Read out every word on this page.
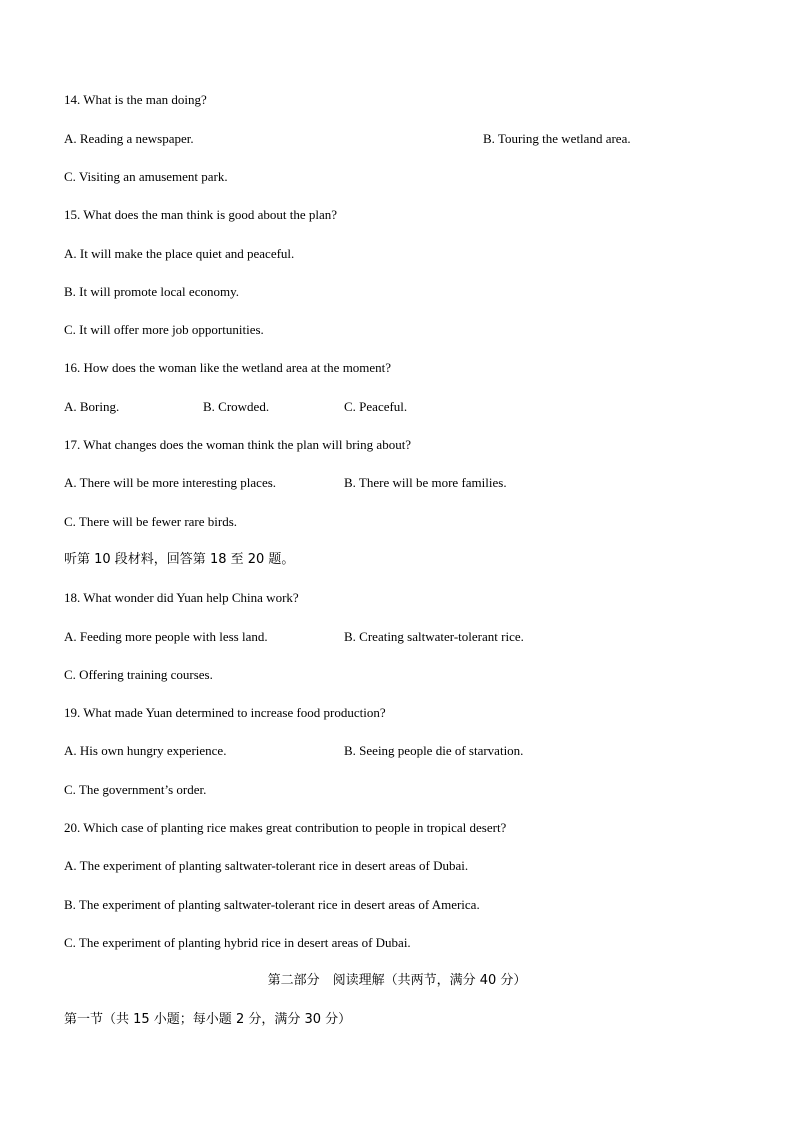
14. What is the man doing?
A. Reading a newspaper.	B. Touring the wetland area.
C. Visiting an amusement park.
15. What does the man think is good about the plan?
A. It will make the place quiet and peaceful.
B. It will promote local economy.
C. It will offer more job opportunities.
16. How does the woman like the wetland area at the moment?
A. Boring.	B. Crowded.	C. Peaceful.
17. What changes does the woman think the plan will bring about?
A. There will be more interesting places.	B. There will be more families.
C. There will be fewer rare birds.
听第 10 段材料，回答第 18 至 20 题。
18. What wonder did Yuan help China work?
A. Feeding more people with less land.	B. Creating saltwater-tolerant rice.
C. Offering training courses.
19. What made Yuan determined to increase food production?
A. His own hungry experience.	B. Seeing people die of starvation.
C. The government’s order.
20. Which case of planting rice makes great contribution to people in tropical desert?
A. The experiment of planting saltwater-tolerant rice in desert areas of Dubai.
B. The experiment of planting saltwater-tolerant rice in desert areas of America.
C. The experiment of planting hybrid rice in desert areas of Dubai.
第二部分　阅读理解（共两节，满分 40 分）
第一节（共 15 小题；每小题 2 分，满分 30 分）
